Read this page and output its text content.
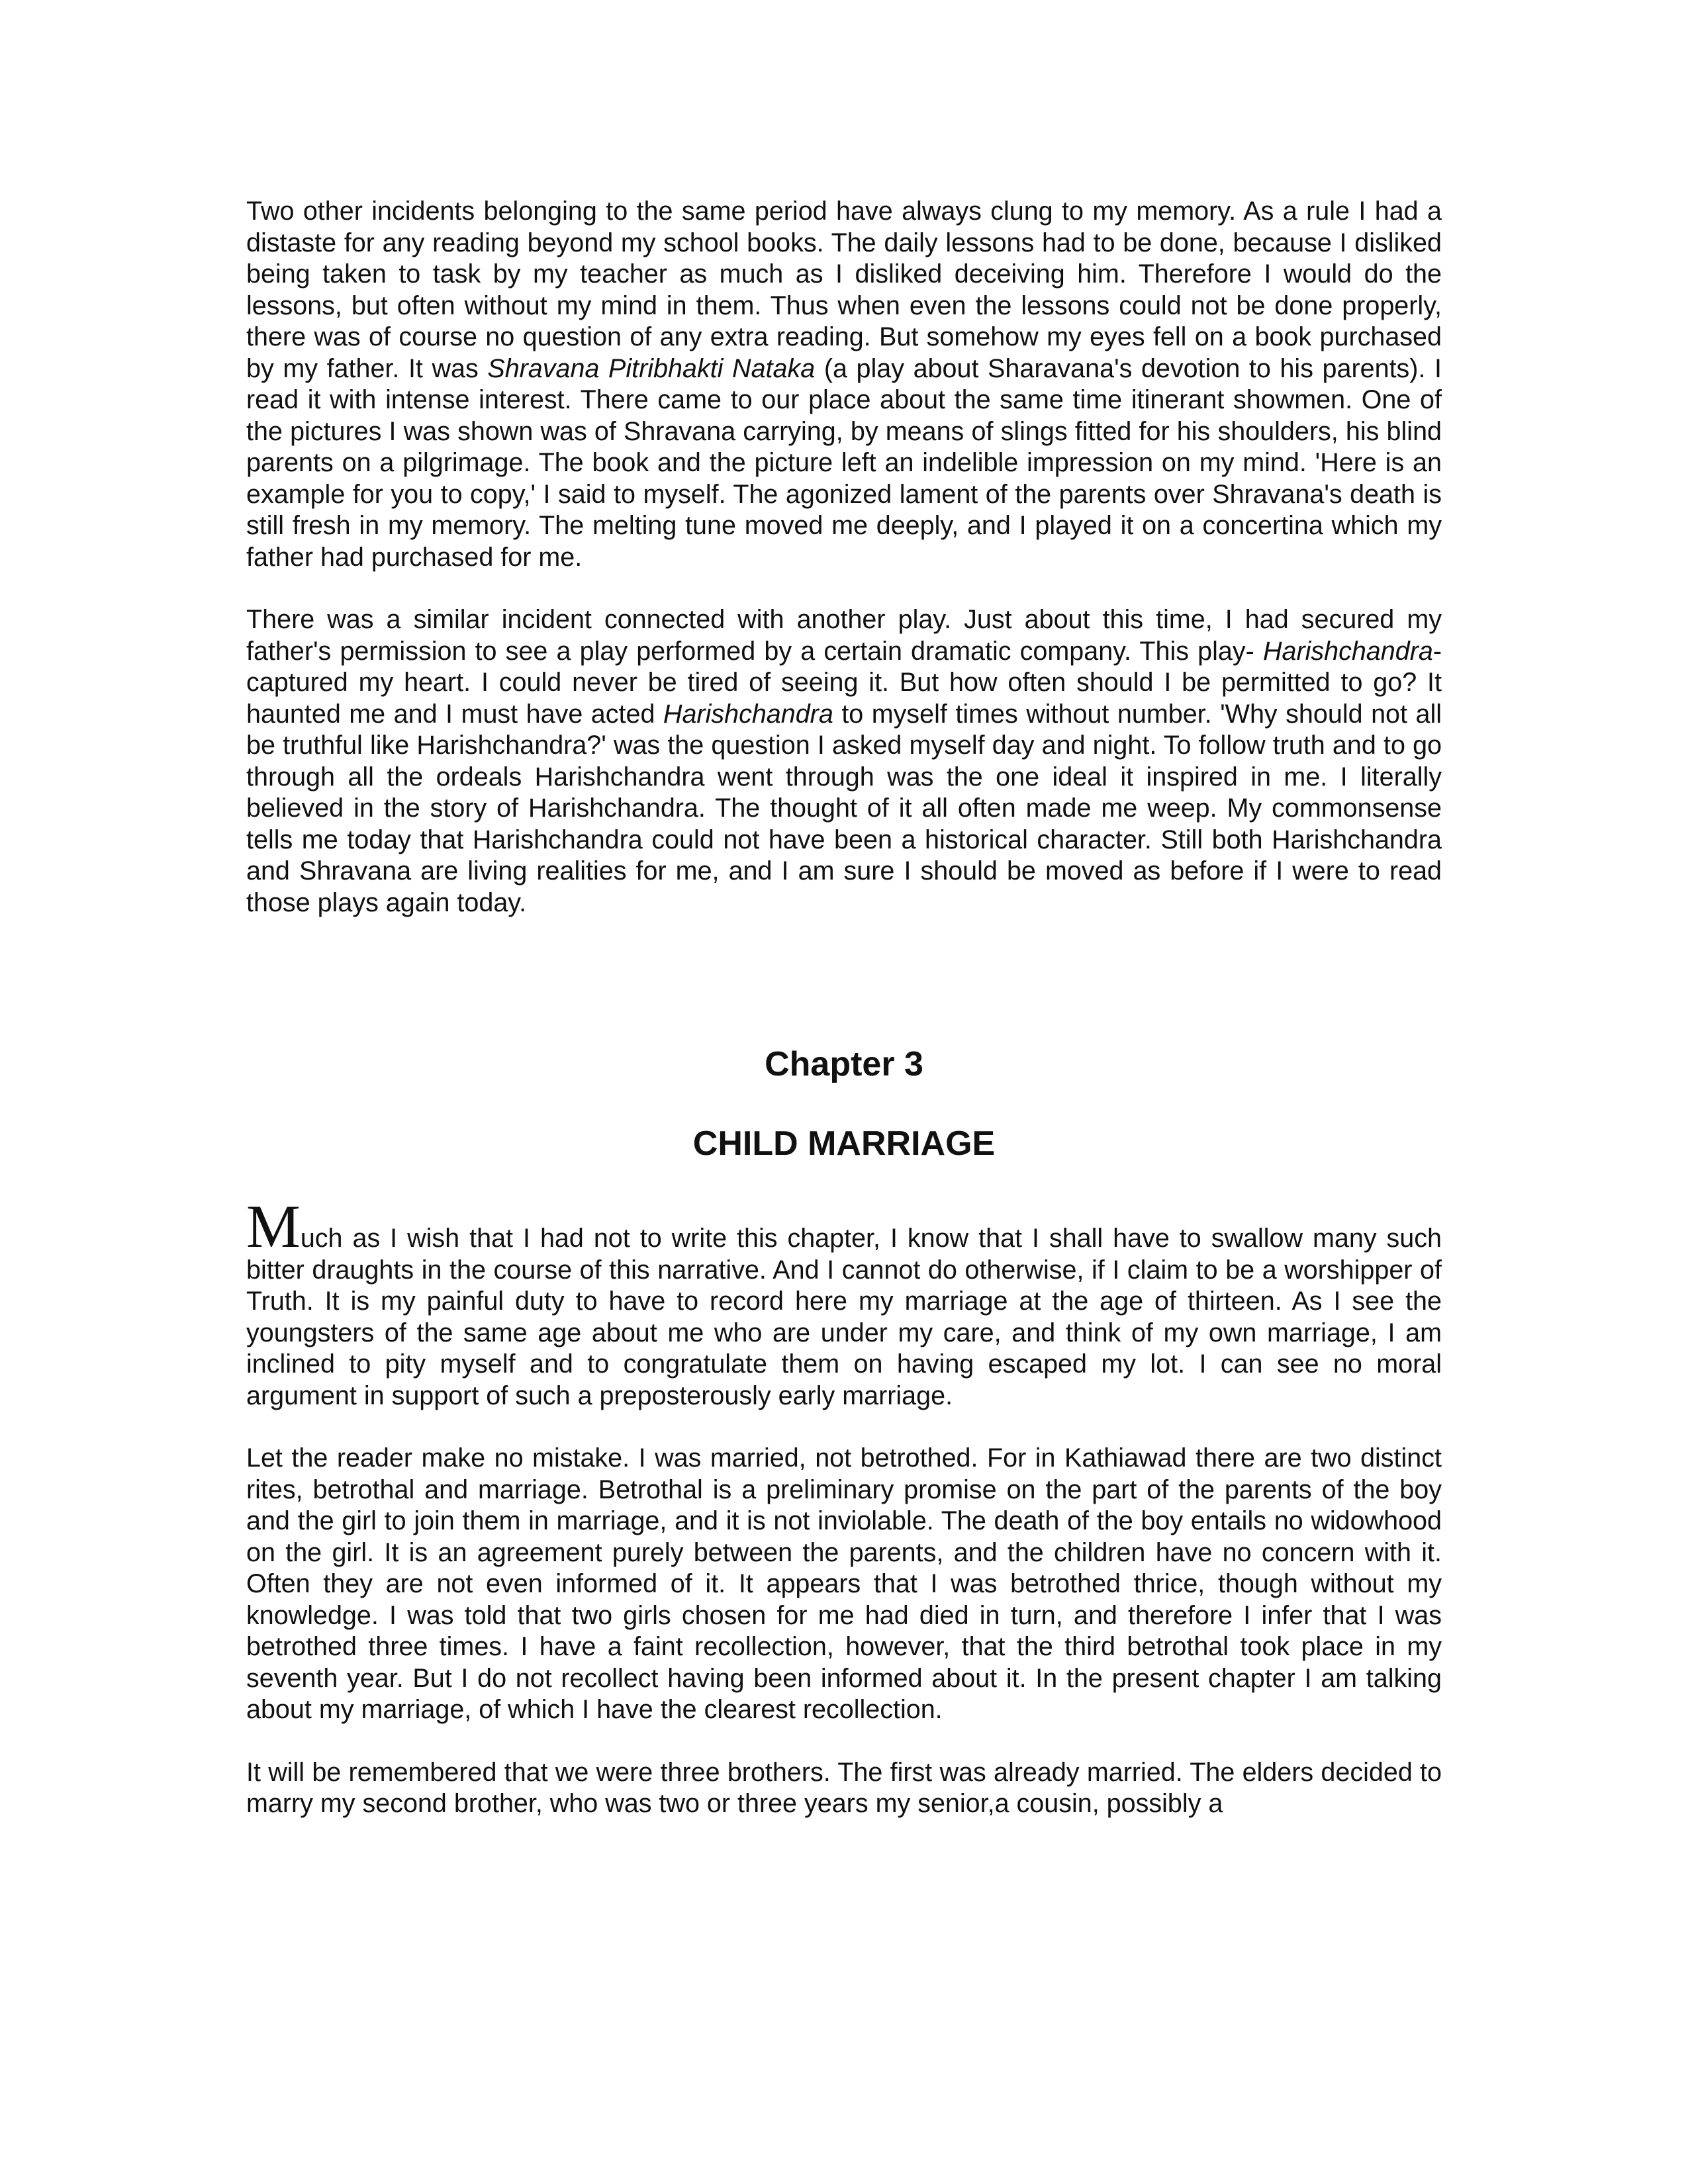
Two other incidents belonging to the same period have always clung to my memory. As a rule I had a distaste for any reading beyond my school books. The daily lessons had to be done, because I disliked being taken to task by my teacher as much as I disliked deceiving him. Therefore I would do the lessons, but often without my mind in them. Thus when even the lessons could not be done properly, there was of course no question of any extra reading. But somehow my eyes fell on a book purchased by my father. It was Shravana Pitribhakti Nataka (a play about Sharavana's devotion to his parents). I read it with intense interest. There came to our place about the same time itinerant showmen. One of the pictures I was shown was of Shravana carrying, by means of slings fitted for his shoulders, his blind parents on a pilgrimage. The book and the picture left an indelible impression on my mind. 'Here is an example for you to copy,' I said to myself. The agonized lament of the parents over Shravana's death is still fresh in my memory. The melting tune moved me deeply, and I played it on a concertina which my father had purchased for me.

There was a similar incident connected with another play. Just about this time, I had secured my father's permission to see a play performed by a certain dramatic company. This play- Harishchandra- captured my heart. I could never be tired of seeing it. But how often should I be permitted to go? It haunted me and I must have acted Harishchandra to myself times without number. 'Why should not all be truthful like Harishchandra?' was the question I asked myself day and night. To follow truth and to go through all the ordeals Harishchandra went through was the one ideal it inspired in me. I literally believed in the story of Harishchandra. The thought of it all often made me weep. My commonsense tells me today that Harishchandra could not have been a historical character. Still both Harishchandra and Shravana are living realities for me, and I am sure I should be moved as before if I were to read those plays again today.

Chapter 3
CHILD MARRIAGE

Much as I wish that I had not to write this chapter, I know that I shall have to swallow many such bitter draughts in the course of this narrative. And I cannot do otherwise, if I claim to be a worshipper of Truth. It is my painful duty to have to record here my marriage at the age of thirteen. As I see the youngsters of the same age about me who are under my care, and think of my own marriage, I am inclined to pity myself and to congratulate them on having escaped my lot. I can see no moral argument in support of such a preposterously early marriage.

Let the reader make no mistake. I was married, not betrothed. For in Kathiawad there are two distinct rites, betrothal and marriage. Betrothal is a preliminary promise on the part of the parents of the boy and the girl to join them in marriage, and it is not inviolable. The death of the boy entails no widowhood on the girl. It is an agreement purely between the parents, and the children have no concern with it. Often they are not even informed of it. It appears that I was betrothed thrice, though without my knowledge. I was told that two girls chosen for me had died in turn, and therefore I infer that I was betrothed three times. I have a faint recollection, however, that the third betrothal took place in my seventh year. But I do not recollect having been informed about it. In the present chapter I am talking about my marriage, of which I have the clearest recollection.

It will be remembered that we were three brothers. The first was already married. The elders decided to marry my second brother, who was two or three years my senior,a cousin, possibly a
